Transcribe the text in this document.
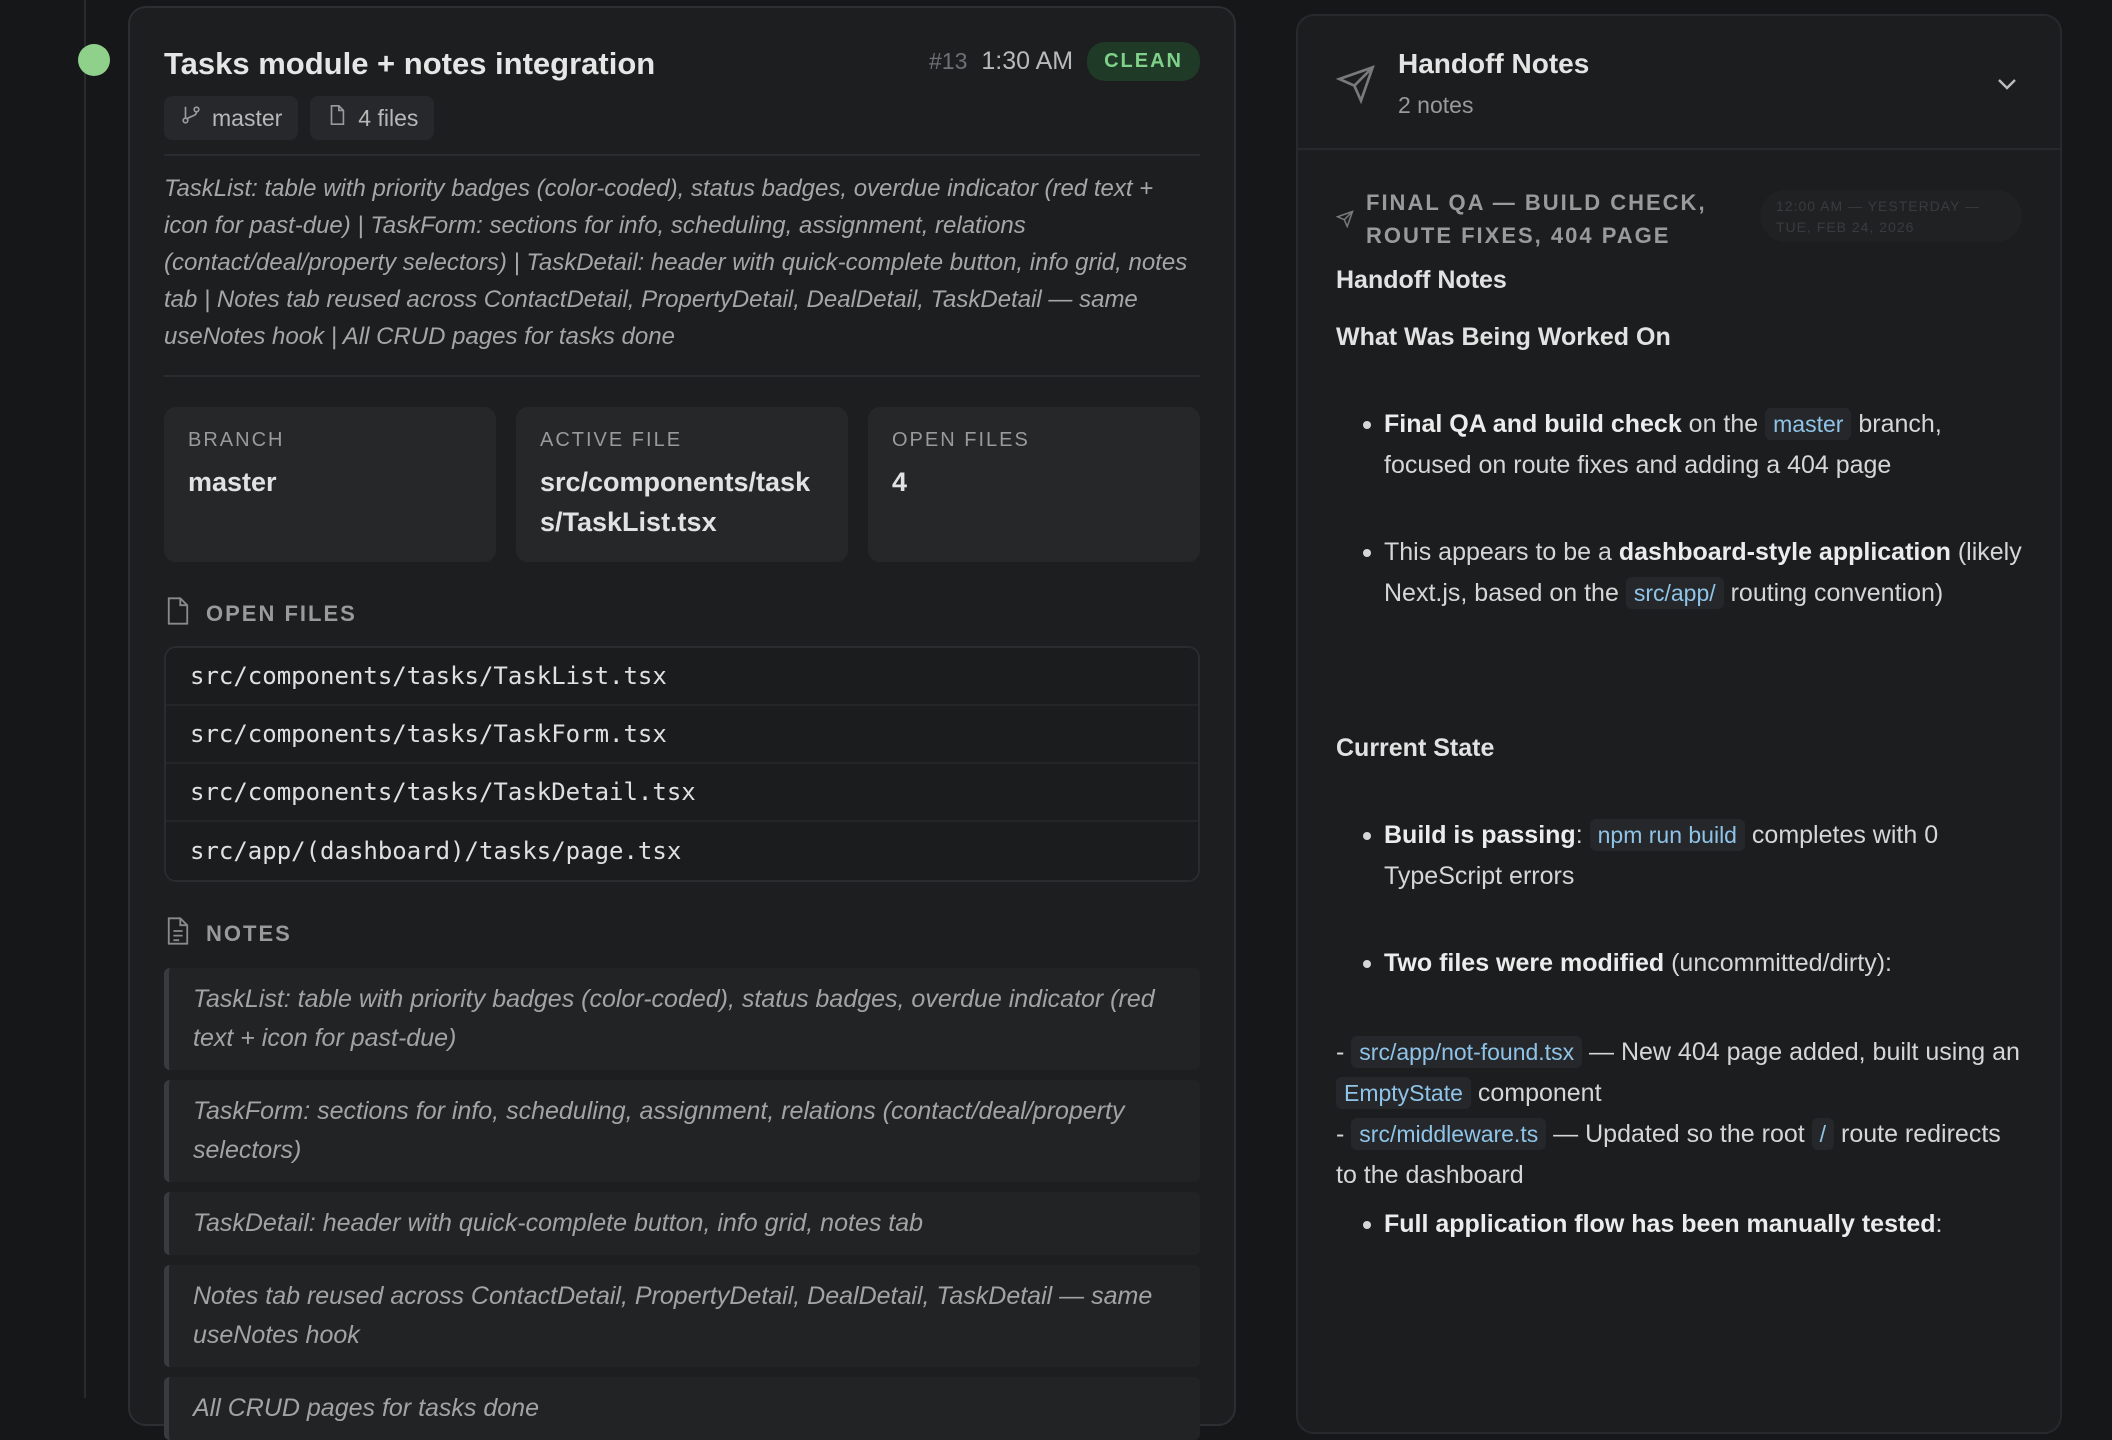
Tasks module + notes integration	#13 1:30 AM	CLEAN
master	4 files
TaskList: table with priority badges (color-coded), status badges, overdue indicator (red text + icon for past-due) | TaskForm: sections for info, scheduling, assignment, relations (contact/deal/property selectors) | TaskDetail: header with quick-complete button, info grid, notes tab | Notes tab reused across ContactDetail, PropertyDetail, DealDetail, TaskDetail — same useNotes hook | All CRUD pages for tasks done
BRANCH
master
ACTIVE FILE
src/components/tasks/TaskList.tsx
OPEN FILES
4
OPEN FILES
src/components/tasks/TaskList.tsx
src/components/tasks/TaskForm.tsx
src/components/tasks/TaskDetail.tsx
src/app/(dashboard)/tasks/page.tsx
NOTES
TaskList: table with priority badges (color-coded), status badges, overdue indicator (red text + icon for past-due)
TaskForm: sections for info, scheduling, assignment, relations (contact/deal/property selectors)
TaskDetail: header with quick-complete button, info grid, notes tab
Notes tab reused across ContactDetail, PropertyDetail, DealDetail, TaskDetail — same useNotes hook
All CRUD pages for tasks done
Handoff Notes
2 notes
FINAL QA — BUILD CHECK, ROUTE FIXES, 404 PAGE
12:00 AM — YESTERDAY — TUE, FEB 24, 2026

Handoff Notes

What Was Being Worked On

Final QA and build check on the master branch, focused on route fixes and adding a 404 page
This appears to be a dashboard-style application (likely Next.js, based on the src/app/ routing convention)

Current State

Build is passing: npm run build completes with 0 TypeScript errors
Two files were modified (uncommitted/dirty):

- src/app/not-found.tsx — New 404 page added, built using an EmptyState component

- src/middleware.ts — Updated so the root / route redirects to the dashboard

Full application flow has been manually tested:
